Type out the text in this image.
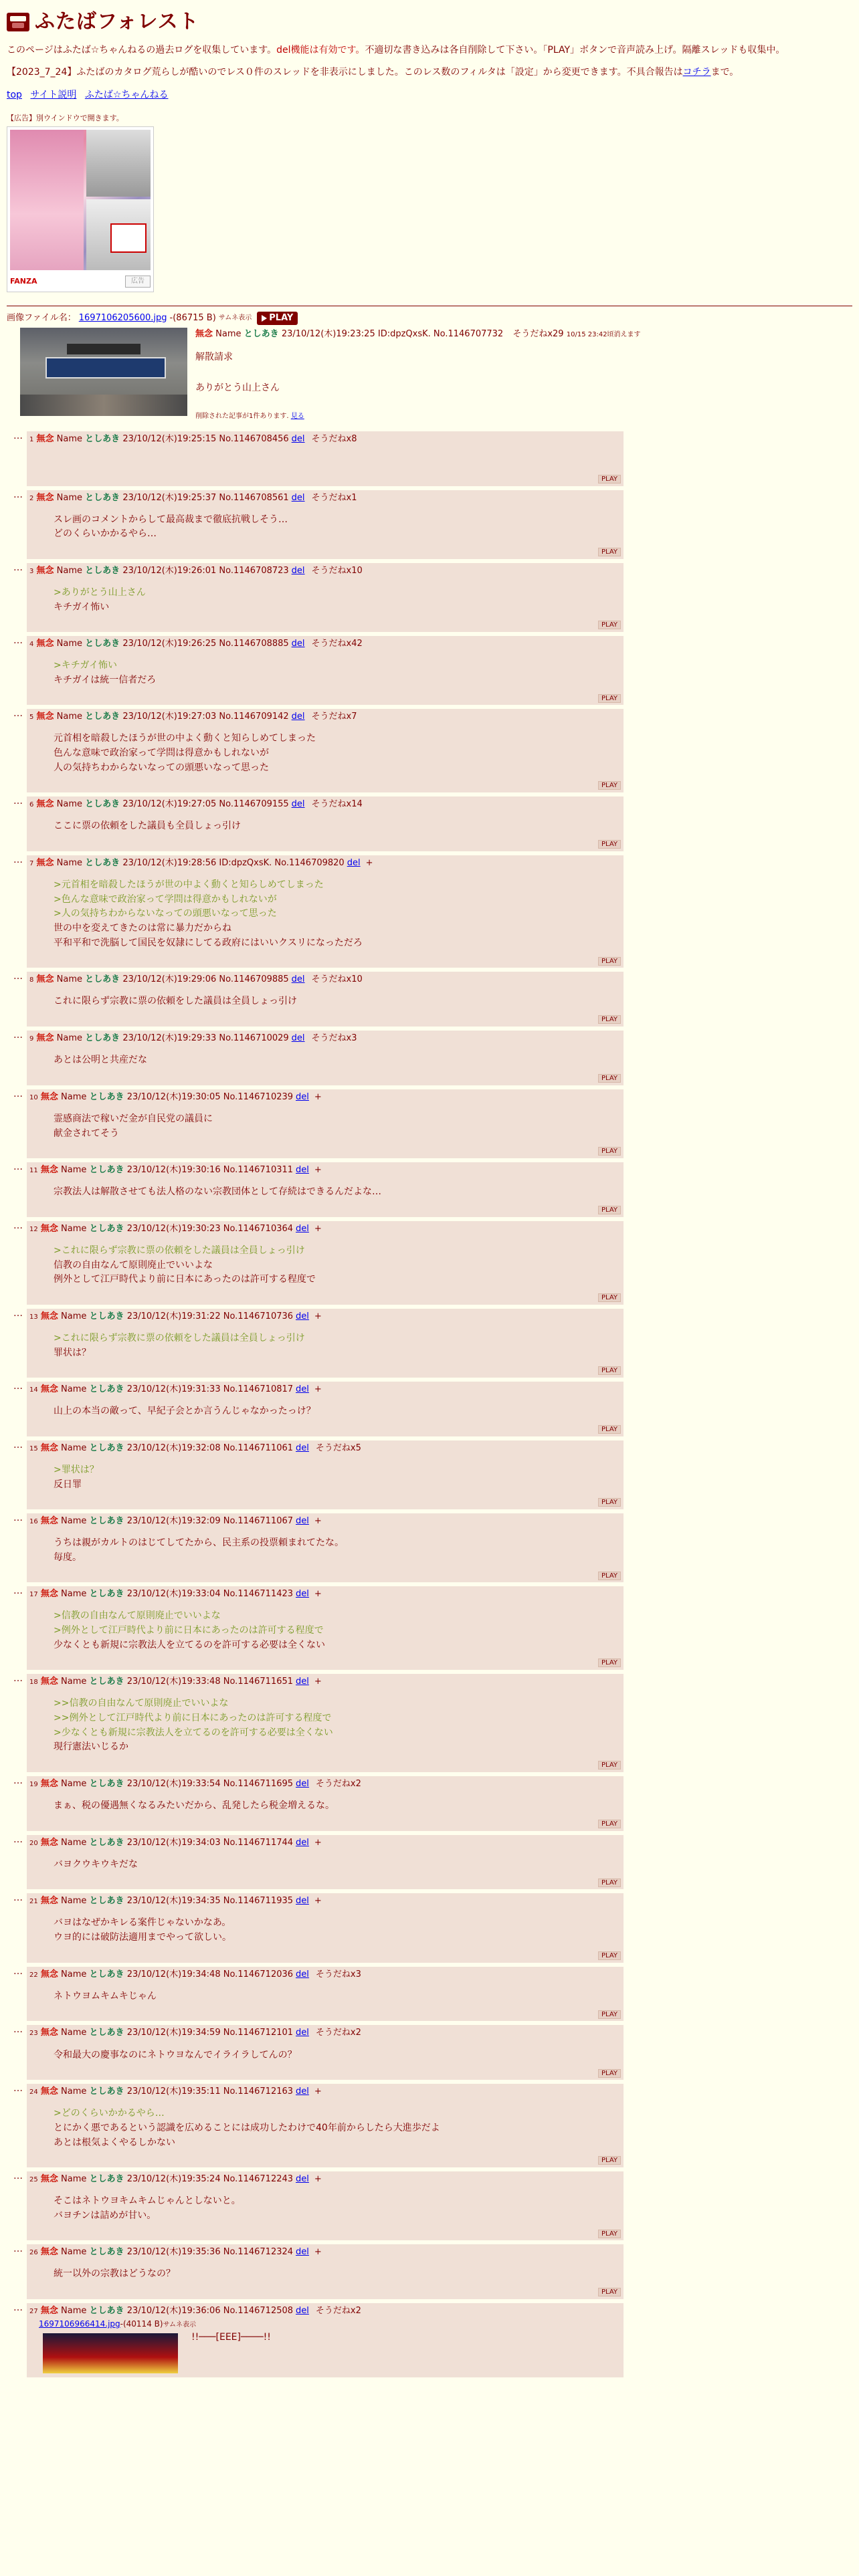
ふたばフォレスト

このページはふたば☆ちゃんねるの過去ログを収集しています。del機能は有効です。不適切な書き込みは各自削除して下さい。「PLAY」ボタンで音声読み上げ。隔離スレッドも収集中。

【2023_7_24】ふたばのカタログ荒らしが酷いのでレス０件のスレッドを非表示にしました。このレス数のフィルタは「設定」から変更できます。不具合報告はコチラまで。

top サイト説明 ふたば☆ちゃんねる
【広告】別ウインドウで開きます。
FANZA	広告
画像ファイル名： 1697106205600.jpg -(86715 B) サムネ表示 PLAY
無念 Name としあき 23/10/12(木)19:23:25 ID:dpzQxsK. No.1146707732 そうだねx29 10/15 23:42頃消えます
解散請求
ありがとう山上さん
削除された記事が1件あります. 見る
…	1 無念 Name としあき 23/10/12(木)19:25:15 No.1146708456 del そうだねx8

PLAY
…	2 無念 Name としあき 23/10/12(木)19:25:37 No.1146708561 del そうだねx1
スレ画のコメントからして最高裁まで徹底抗戦しそう…
どのくらいかかるやら…
PLAY
…	3 無念 Name としあき 23/10/12(木)19:26:01 No.1146708723 del そうだねx10
>ありがとう山上さん
キチガイ怖い
PLAY
…	4 無念 Name としあき 23/10/12(木)19:26:25 No.1146708885 del そうだねx42
>キチガイ怖い
キチガイは統一信者だろ
PLAY
…	5 無念 Name としあき 23/10/12(木)19:27:03 No.1146709142 del そうだねx7
元首相を暗殺したほうが世の中よく動くと知らしめてしまった
色んな意味で政治家って学問は得意かもしれないが
人の気持ちわからないなっての頭悪いなって思った
PLAY
…	6 無念 Name としあき 23/10/12(木)19:27:05 No.1146709155 del そうだねx14
ここに票の依頼をした議員も全員しょっ引け
PLAY
…	7 無念 Name としあき 23/10/12(木)19:28:56 ID:dpzQxsK. No.1146709820 del +
>元首相を暗殺したほうが世の中よく動くと知らしめてしまった
>色んな意味で政治家って学問は得意かもしれないが
>人の気持ちわからないなっての頭悪いなって思った
世の中を変えてきたのは常に暴力だからね
平和平和で洗脳して国民を奴隷にしてる政府にはいいクスリになっただろ
PLAY
…	8 無念 Name としあき 23/10/12(木)19:29:06 No.1146709885 del そうだねx10
これに限らず宗教に票の依頼をした議員は全員しょっ引け
PLAY
…	9 無念 Name としあき 23/10/12(木)19:29:33 No.1146710029 del そうだねx3
あとは公明と共産だな
PLAY
…	10 無念 Name としあき 23/10/12(木)19:30:05 No.1146710239 del +
霊感商法で稼いだ金が自民党の議員に
献金されてそう
PLAY
…	11 無念 Name としあき 23/10/12(木)19:30:16 No.1146710311 del +
宗教法人は解散させても法人格のない宗教団体として存続はできるんだよな…
PLAY
…	12 無念 Name としあき 23/10/12(木)19:30:23 No.1146710364 del +
>これに限らず宗教に票の依頼をした議員は全員しょっ引け
信教の自由なんて原則廃止でいいよな
例外として江戸時代より前に日本にあったのは許可する程度で
PLAY
…	13 無念 Name としあき 23/10/12(木)19:31:22 No.1146710736 del +
>これに限らず宗教に票の依頼をした議員は全員しょっ引け
罪状は？
PLAY
…	14 無念 Name としあき 23/10/12(木)19:31:33 No.1146710817 del +
山上の本当の敵って、早紀子会とか言うんじゃなかったっけ？
PLAY
…	15 無念 Name としあき 23/10/12(木)19:32:08 No.1146711061 del そうだねx5
>罪状は？
反日罪
PLAY
…	16 無念 Name としあき 23/10/12(木)19:32:09 No.1146711067 del +
うちは親がカルトのはじてしてたから、民主系の投票頼まれてたな。
毎度。
PLAY
…	17 無念 Name としあき 23/10/12(木)19:33:04 No.1146711423 del +
>信教の自由なんて原則廃止でいいよな
>例外として江戸時代より前に日本にあったのは許可する程度で
少なくとも新規に宗教法人を立てるのを許可する必要は全くない
PLAY
…	18 無念 Name としあき 23/10/12(木)19:33:48 No.1146711651 del +
>>信教の自由なんて原則廃止でいいよな
>>例外として江戸時代より前に日本にあったのは許可する程度で
>少なくとも新規に宗教法人を立てるのを許可する必要は全くない
現行憲法いじるか
PLAY
…	19 無念 Name としあき 23/10/12(木)19:33:54 No.1146711695 del そうだねx2
まぁ、税の優遇無くなるみたいだから、乱発したら税金増えるな。
PLAY
…	20 無念 Name としあき 23/10/12(木)19:34:03 No.1146711744 del +
バヨクウキウキだな
PLAY
…	21 無念 Name としあき 23/10/12(木)19:34:35 No.1146711935 del +
バヨはなぜかキレる案件じゃないかなあ。
ウヨ的には破防法適用までやって欲しい。
PLAY
…	22 無念 Name としあき 23/10/12(木)19:34:48 No.1146712036 del そうだねx3
ネトウヨムキムキじゃん
PLAY
…	23 無念 Name としあき 23/10/12(木)19:34:59 No.1146712101 del そうだねx2
令和最大の慶事なのにネトウヨなんでイライラしてんの？
PLAY
…	24 無念 Name としあき 23/10/12(木)19:35:11 No.1146712163 del +
>どのくらいかかるやら…
とにかく悪であるという認識を広めることには成功したわけで40年前からしたら大進歩だよ
あとは根気よくやるしかない
PLAY
…	25 無念 Name としあき 23/10/12(木)19:35:24 No.1146712243 del +
そこはネトウヨキムキムじゃんとしないと。
バヨチンは詰めが甘い。
PLAY
…	26 無念 Name としあき 23/10/12(木)19:35:36 No.1146712324 del +
統一以外の宗教はどうなの？
PLAY
…	27 無念 Name としあき 23/10/12(木)19:36:06 No.1146712508 del そうだねx2
1697106966414.jpg-(40114 B)サムネ表示
!!───[EEE]────!!
